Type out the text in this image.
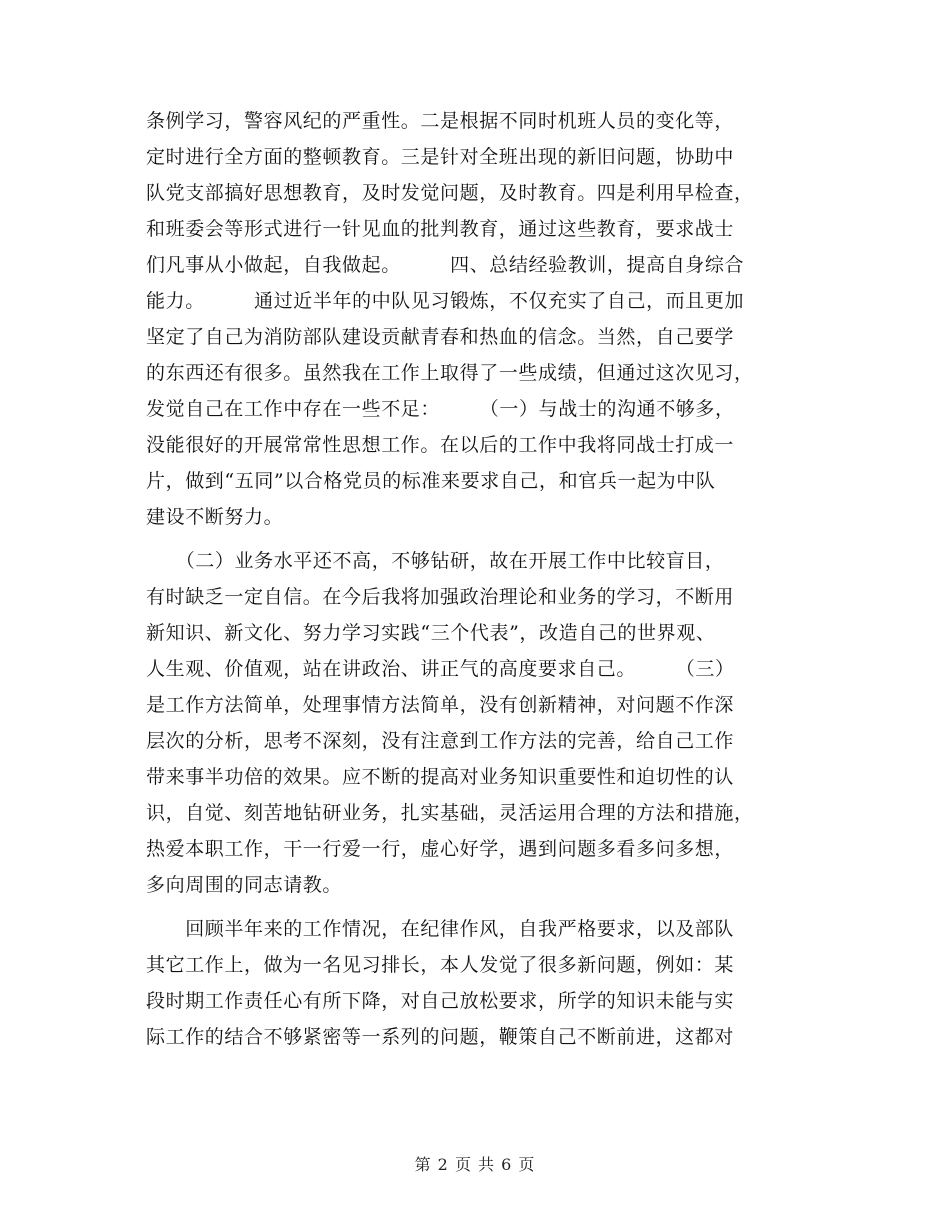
条例学习，警容风纪的严重性。二是根据不同时机班人员的变化等，
定时进行全方面的整顿教育。三是针对全班出现的新旧问题，协助中
队党支部搞好思想教育，及时发觉问题，及时教育。四是利用早检查，
和班委会等形式进行一针见血的批判教育，通过这些教育，要求战士
们凡事从小做起，自我做起。　　　四、总结经验教训，提高自身综合
能力。　　　通过近半年的中队见习锻炼，不仅充实了自己，而且更加
坚定了自己为消防部队建设贡献青春和热血的信念。当然，自己要学
的东西还有很多。虽然我在工作上取得了一些成绩，但通过这次见习，
发觉自己在工作中存在一些不足：　　　（一）与战士的沟通不够多，
没能很好的开展常常性思想工作。在以后的工作中我将同战士打成一
片，做到“五同”以合格党员的标准来要求自己，和官兵一起为中队
建设不断努力。
　　（二）业务水平还不高，不够钻研，故在开展工作中比较盲目，
有时缺乏一定自信。在今后我将加强政治理论和业务的学习，不断用
新知识、新文化、努力学习实践“三个代表”，改造自己的世界观、
人生观、价值观，站在讲政治、讲正气的高度要求自己。　　　（三）
是工作方法简单，处理事情方法简单，没有创新精神，对问题不作深
层次的分析，思考不深刻，没有注意到工作方法的完善，给自己工作
带来事半功倍的效果。应不断的提高对业务知识重要性和迫切性的认
识，自觉、刻苦地钻研业务，扎实基础，灵活运用合理的方法和措施，
热爱本职工作，干一行爱一行，虚心好学，遇到问题多看多问多想，
多向周围的同志请教。
　　回顾半年来的工作情况，在纪律作风，自我严格要求，以及部队
其它工作上，做为一名见习排长，本人发觉了很多新问题，例如：某
段时期工作责任心有所下降，对自己放松要求，所学的知识未能与实
际工作的结合不够紧密等一系列的问题，鞭策自己不断前进，这都对
第 2 页 共 6 页
